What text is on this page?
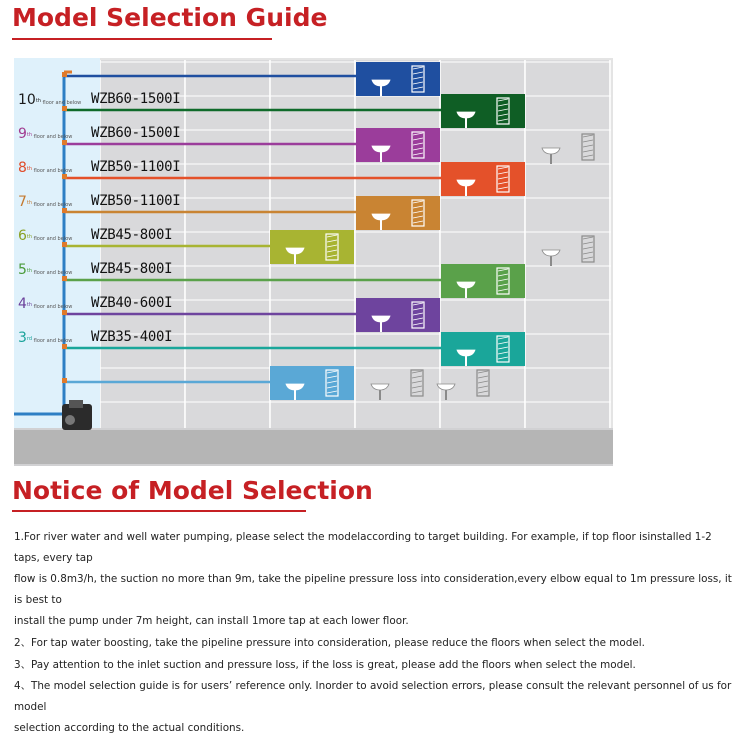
Model Selection Guide
10th floor and below WZB60-1500I
9th floor and below WZB60-1500I
8th floor and below WZB50-1100I
7th floor and below WZB50-1100I
6th floor and below WZB45-800I
5th floor and below WZB45-800I
4th floor and below WZB40-600I
3rd floor and below WZB35-400I
Notice of Model Selection

1.For river water and well water pumping, please select the modelaccording to target building. For example, if top floor isinstalled 1-2 taps, every tap

flow is 0.8m3/h, the suction no more than 9m, take the pipeline pressure loss into consideration,every elbow equal to 1m pressure loss, it is best to

install the pump under 7m height, can install 1more tap at each lower floor.

2、For tap water boosting, take the pipeline pressure into consideration, please reduce the floors when select the model.

3、Pay attention to the inlet suction and pressure loss, if the loss is great, please add the floors when select the model.

4、The model selection guide is for users’ reference only. Inorder to avoid selection errors, please consult the relevant personnel of us for model

selection according to the actual conditions.
